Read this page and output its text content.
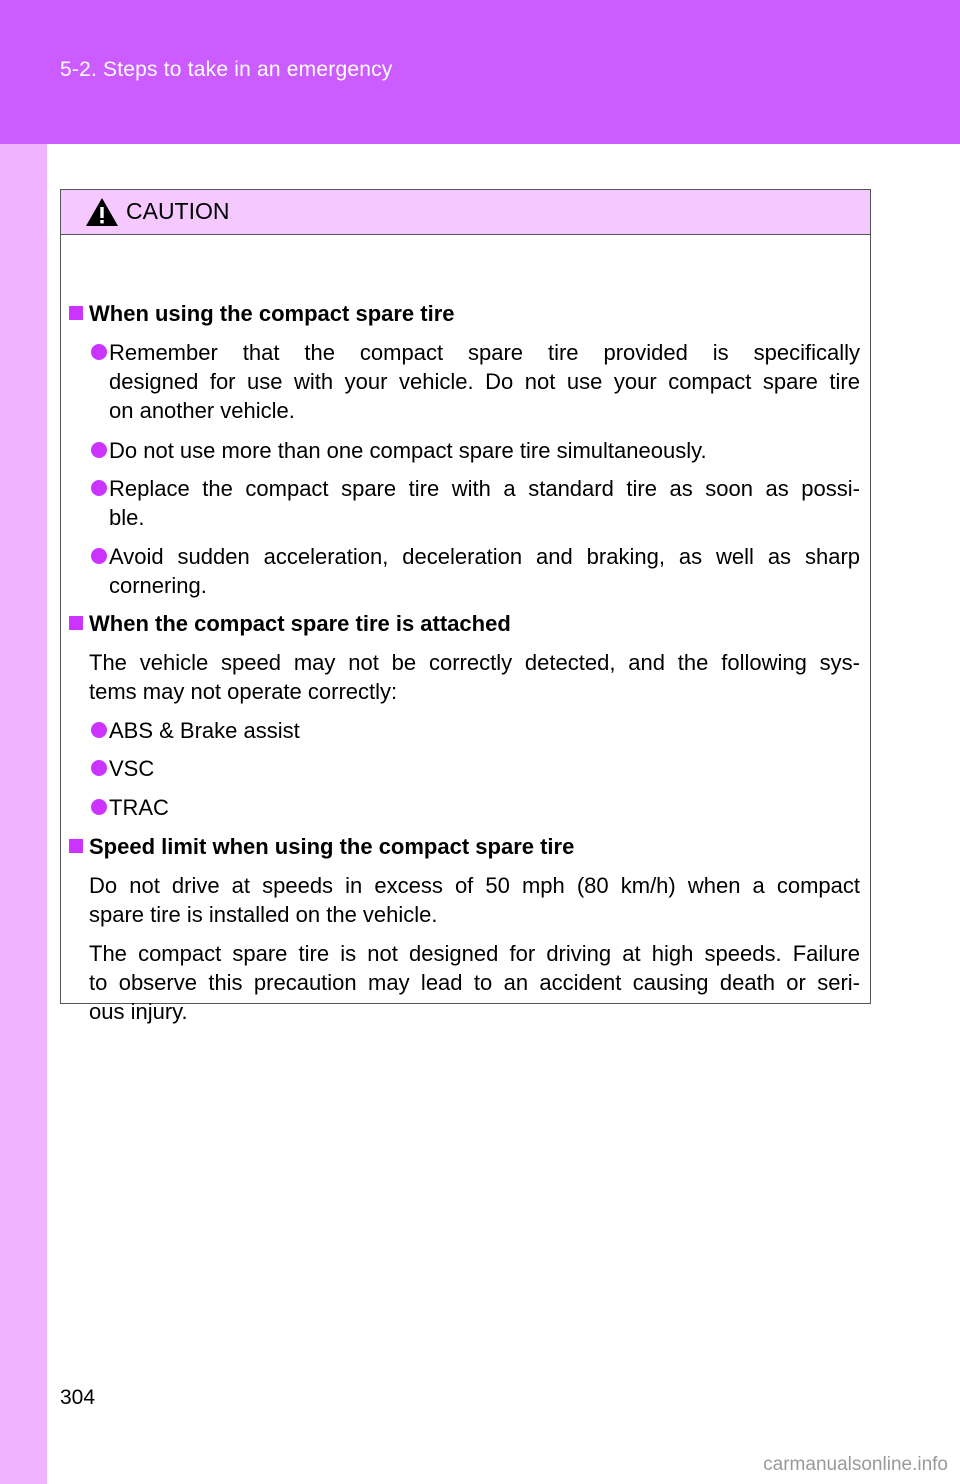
5-2. Steps to take in an emergency
CAUTION
When using the compact spare tire
Remember that the compact spare tire provided is specifically
designed for use with your vehicle. Do not use your compact spare tire
on another vehicle.
Do not use more than one compact spare tire simultaneously.
Replace the compact spare tire with a standard tire as soon as possi-
ble.
Avoid sudden acceleration, deceleration and braking, as well as sharp
cornering.
When the compact spare tire is attached
The vehicle speed may not be correctly detected, and the following sys-
tems may not operate correctly:
ABS & Brake assist
VSC
TRAC
Speed limit when using the compact spare tire
Do not drive at speeds in excess of 50 mph (80 km/h) when a compact
spare tire is installed on the vehicle.
The compact spare tire is not designed for driving at high speeds. Failure
to observe this precaution may lead to an accident causing death or seri-
ous injury.
304
carmanualsonline.info
